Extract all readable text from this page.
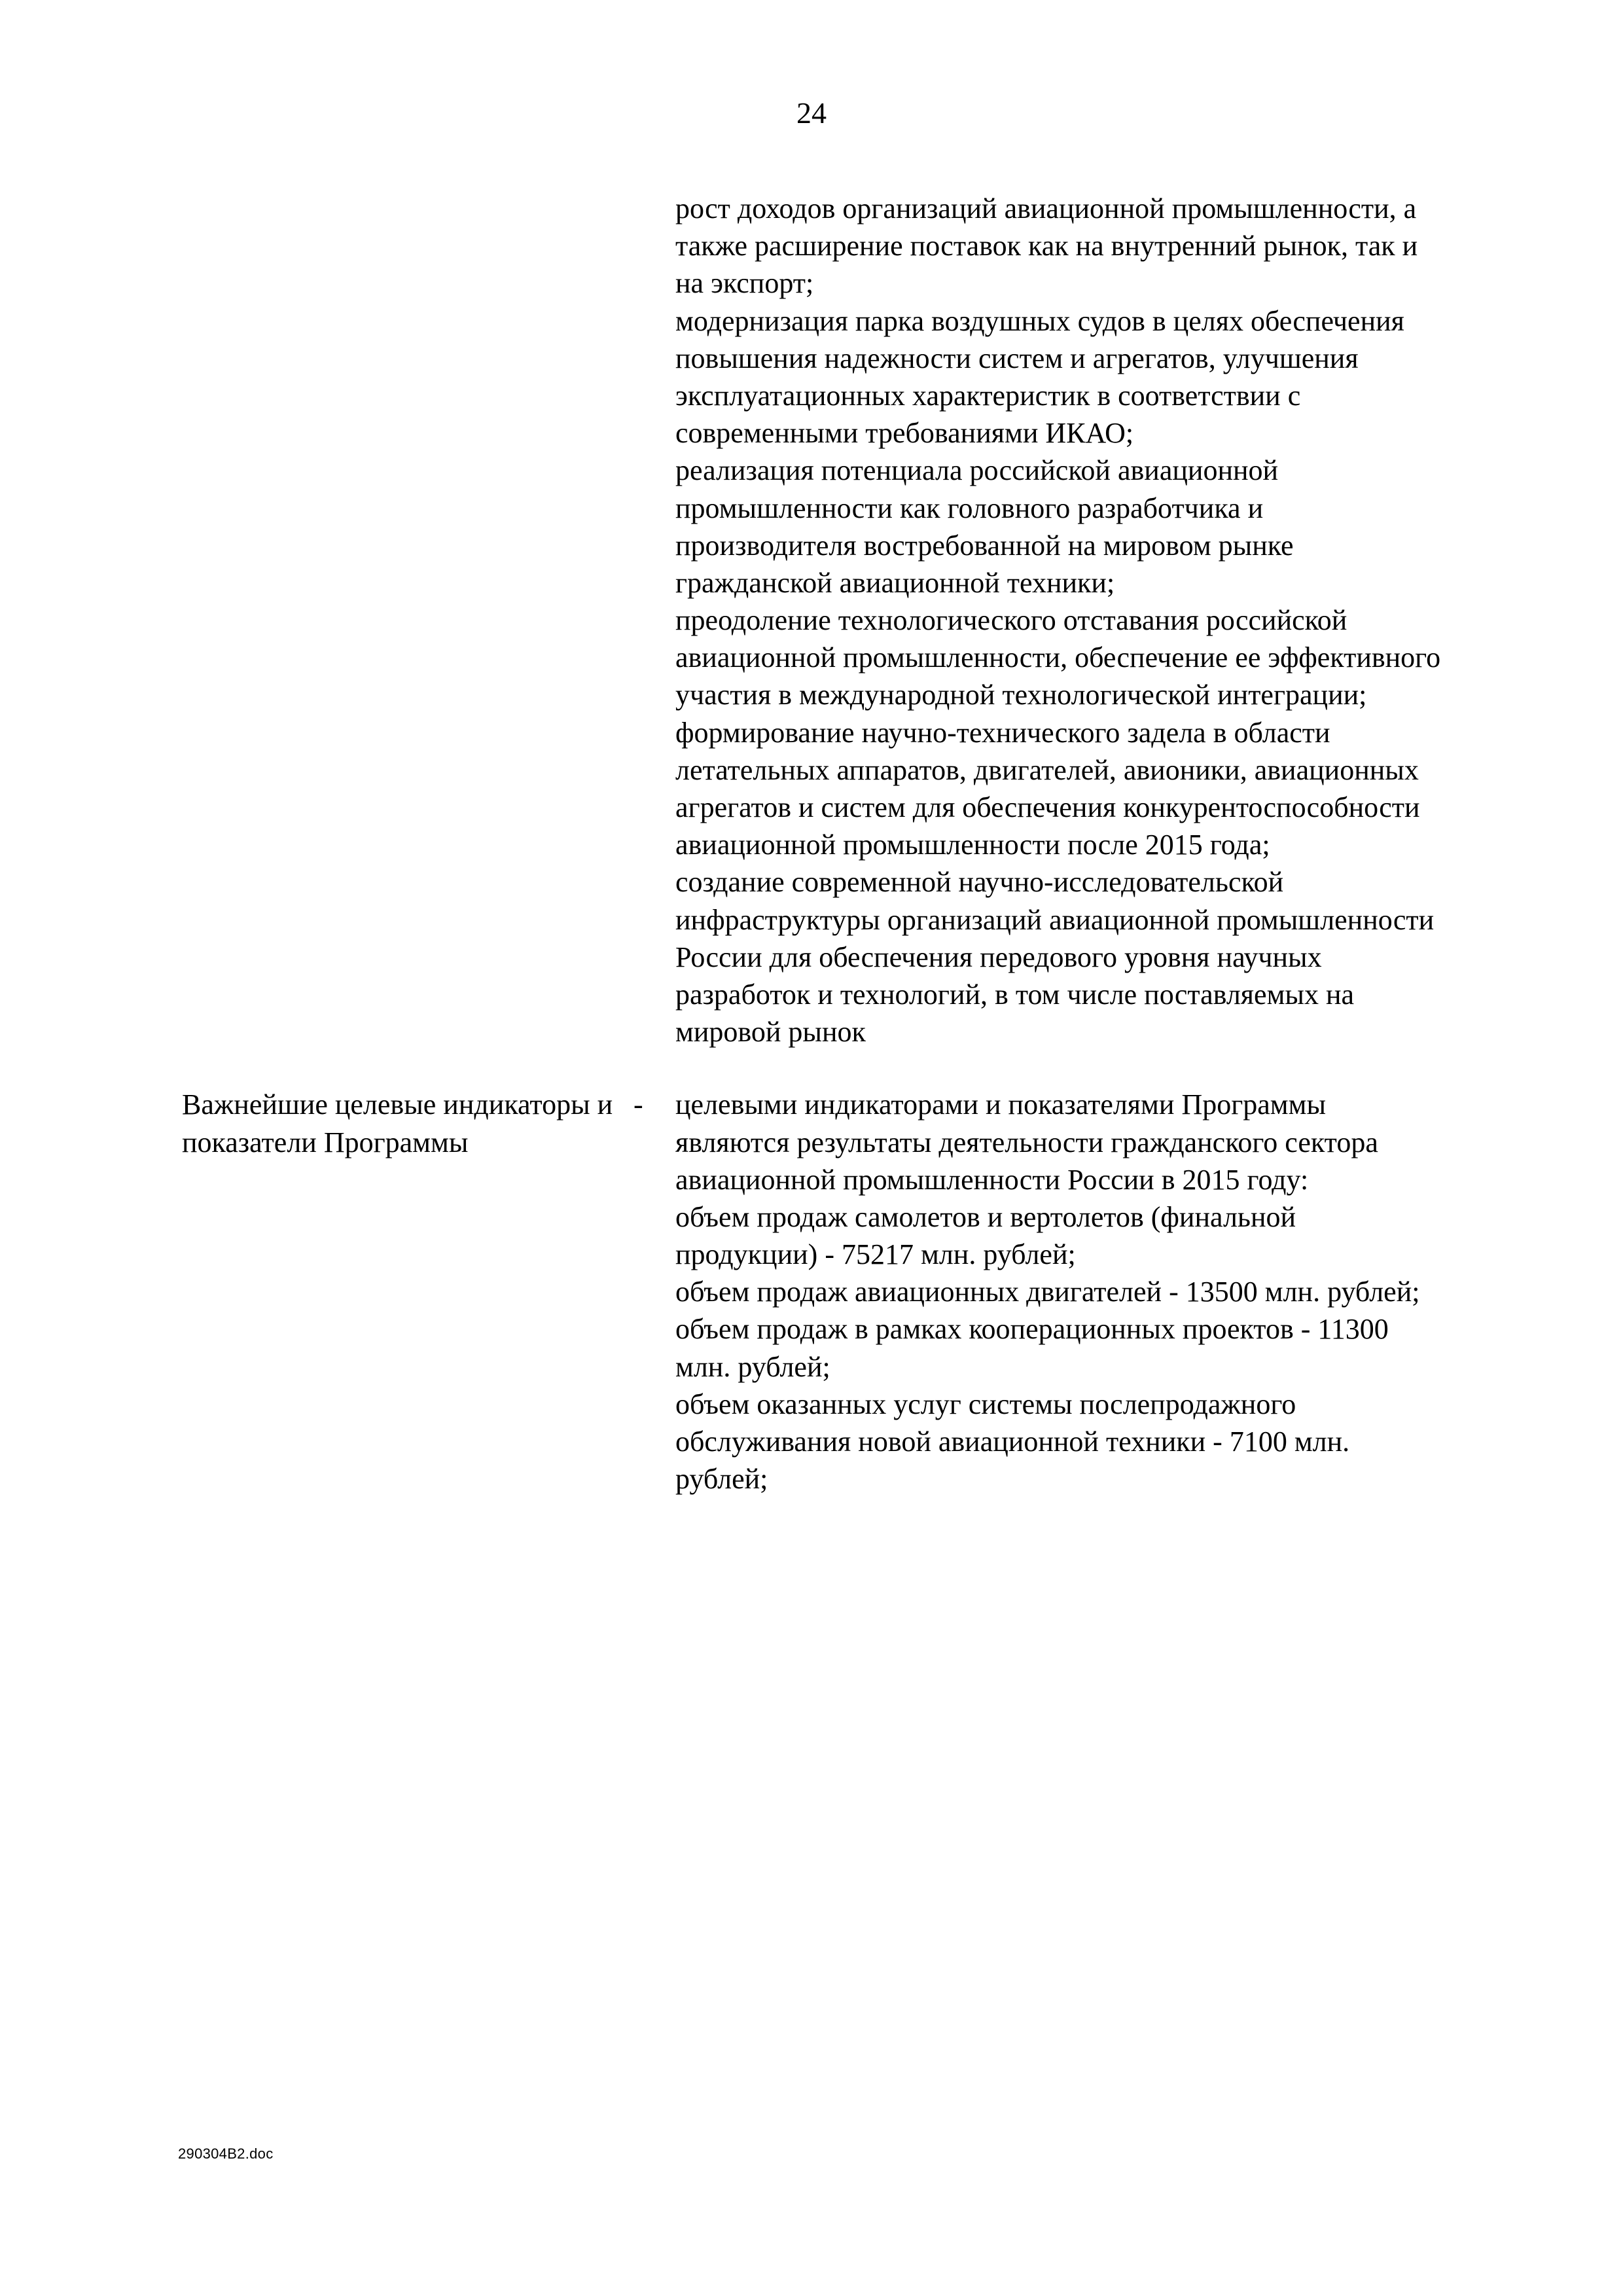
24

рост доходов организаций авиационной промышленности, а также расширение поставок как на внутренний рынок, так и на экспорт;

модернизация парка воздушных судов в целях обеспечения повышения надежности систем и агрегатов, улучшения эксплуатационных характеристик в соответствии с современными требованиями ИКАО;

реализация потенциала российской авиационной промышленности как головного разработчика и производителя востребованной на мировом рынке гражданской авиационной техники;

преодоление технологического отставания российской авиационной промышленности, обеспечение ее эффективного участия в международной технологической интеграции;

формирование научно-технического задела в области летательных аппаратов, двигателей, авионики, авиационных агрегатов и систем для обеспечения конкурентоспособности авиационной промышленности после 2015 года;

создание современной научно-исследовательской инфраструктуры организаций авиационной промышленности России для обеспечения передового уровня научных разработок и технологий, в том числе поставляемых на мировой рынок

Важнейшие целевые индикаторы и показатели Программы
-	целевыми индикаторами и показателями Программы являются результаты деятельности гражданского сектора авиационной промышленности России в 2015 году:

объем продаж самолетов и вертолетов (финальной продукции) - 75217 млн. рублей;

объем продаж авиационных двигателей - 13500 млн. рублей;

объем продаж в рамках кооперационных проектов - 11300 млн. рублей;

объем оказанных услуг системы послепродажного обслуживания новой авиационной техники - 7100 млн. рублей;

290304B2.doc
